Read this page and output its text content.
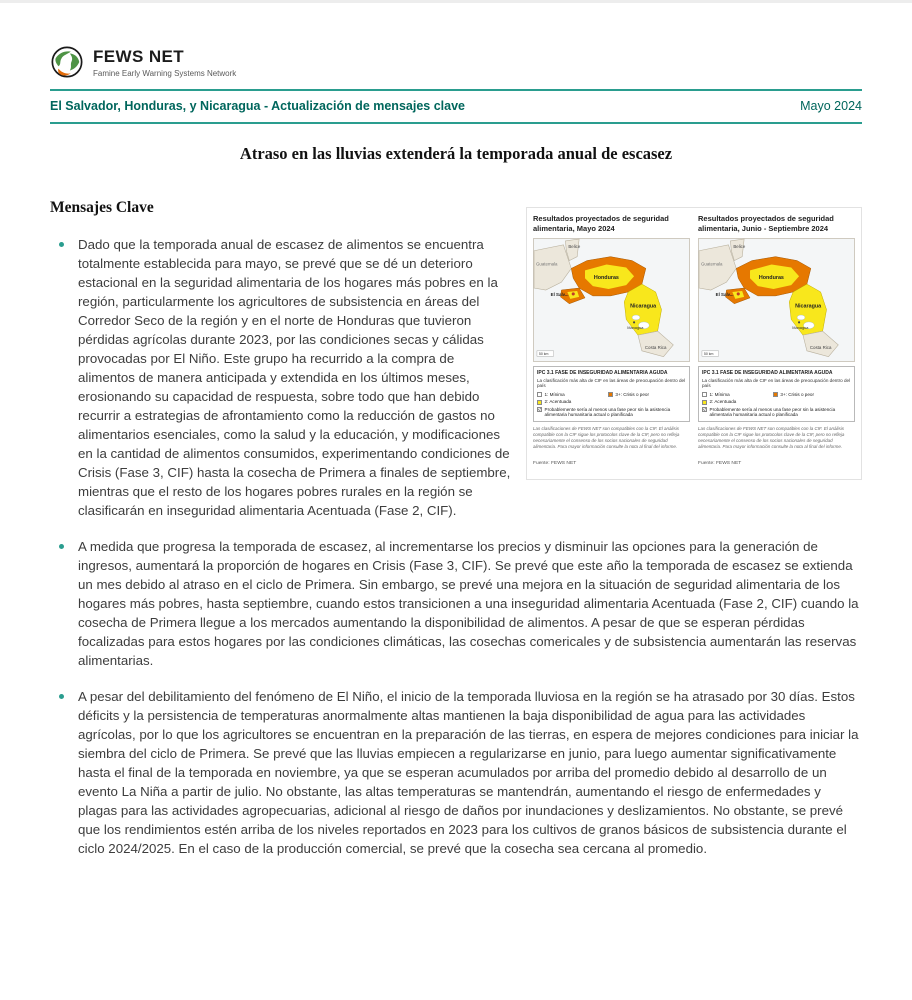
FEWS NET
Famine Early Warning Systems Network
El Salvador, Honduras, y Nicaragua - Actualización de mensajes clave	Mayo 2024
Atraso en las lluvias extenderá la temporada anual de escasez
Mensajes Clave
Resultados proyectados de seguridad alimentaria, Mayo 2024
Belice
Guatemala
Honduras
El Salv...
Nicaragua
Managua
Costa Rica
50 km
IPC 3.1 FASE DE INSEGURIDAD ALIMENTARIA AGUDA
La clasificación más alta de CIF en las áreas de preocupación dentro del país
1: Mínima	3+: Crisis o peor
2: Acentuada
Probablemente sería al menos una fase peor sin la asistencia alimentaria humanitaria actual o planificada
Las clasificaciones de FEWS NET son compatibles con la CIF. El análisis compatible con la CIF sigue los protocolos clave de la CIF, pero no refleja necesariamente el consenso de los socios nacionales de seguridad alimentaria. Para mayor información consulte la nota al final del informe.
Fuente: FEWS NET
Resultados proyectados de seguridad alimentaria, Junio - Septiembre 2024
Belice
Guatemala
Honduras
El Salv...
Nicaragua
Managua
Costa Rica
50 km
IPC 3.1 FASE DE INSEGURIDAD ALIMENTARIA AGUDA
La clasificación más alta de CIF en las áreas de preocupación dentro del país
1: Mínima	3+: Crisis o peor
2: Acentuada
Probablemente sería al menos una fase peor sin la asistencia alimentaria humanitaria actual o planificada
Las clasificaciones de FEWS NET son compatibles con la CIF. El análisis compatible con la CIF sigue los protocolos clave de la CIF, pero no refleja necesariamente el consenso de los socios nacionales de seguridad alimentaria. Para mayor información consulte la nota al final del informe.
Fuente: FEWS NET
Dado que la temporada anual de escasez de alimentos se encuentra totalmente establecida para mayo, se prevé que se dé un deterioro estacional en la seguridad alimentaria de los hogares más pobres en la región, particularmente los agricultores de subsistencia en áreas del Corredor Seco de la región y en el norte de Honduras que tuvieron pérdidas agrícolas durante 2023, por las condiciones secas y cálidas provocadas por El Niño. Este grupo ha recurrido a la compra de alimentos de manera anticipada y extendida en los últimos meses, erosionando su capacidad de respuesta, sobre todo que han debido recurrir a estrategias de afrontamiento como la reducción de gastos no alimentarios esenciales, como la salud y la educación, y modificaciones en la cantidad de alimentos consumidos, experimentando condiciones de Crisis (Fase 3, CIF) hasta la cosecha de Primera a finales de septiembre, mientras que el resto de los hogares pobres rurales en la región se clasificarán en inseguridad alimentaria Acentuada (Fase 2, CIF).
A medida que progresa la temporada de escasez, al incrementarse los precios y disminuir las opciones para la generación de ingresos, aumentará la proporción de hogares en Crisis (Fase 3, CIF). Se prevé que este año la temporada de escasez se extienda un mes debido al atraso en el ciclo de Primera. Sin embargo, se prevé una mejora en la situación de seguridad alimentaria de los hogares más pobres, hasta septiembre, cuando estos transicionen a una inseguridad alimentaria Acentuada (Fase 2, CIF) cuando la cosecha de Primera llegue a los mercados aumentando la disponibilidad de alimentos. A pesar de que se esperan pérdidas focalizadas para estos hogares por las condiciones climáticas, las cosechas comericales y de subsistencia aumentarán las reservas alimentarias.
A pesar del debilitamiento del fenómeno de El Niño, el inicio de la temporada lluviosa en la región se ha atrasado por 30 días. Estos déficits y la persistencia de temperaturas anormalmente altas mantienen la baja disponibilidad de agua para las actividades agrícolas, por lo que los agricultores se encuentran en la preparación de las tierras, en espera de mejores condiciones para iniciar la siembra del ciclo de Primera. Se prevé que las lluvias empiecen a regularizarse en junio, para luego aumentar significativamente hasta el final de la temporada en noviembre, ya que se esperan acumulados por arriba del promedio debido al desarrollo de un evento La Niña a partir de julio. No obstante, las altas temperaturas se mantendrán, aumentando el riesgo de enfermedades y plagas para las actividades agropecuarias, adicional al riesgo de daños por inundaciones y deslizamientos. No obstante, se prevé que los rendimientos estén arriba de los niveles reportados en 2023 para los cultivos de granos básicos de subsistencia durante el ciclo 2024/2025. En el caso de la producción comercial, se prevé que la cosecha sea cercana al promedio.
